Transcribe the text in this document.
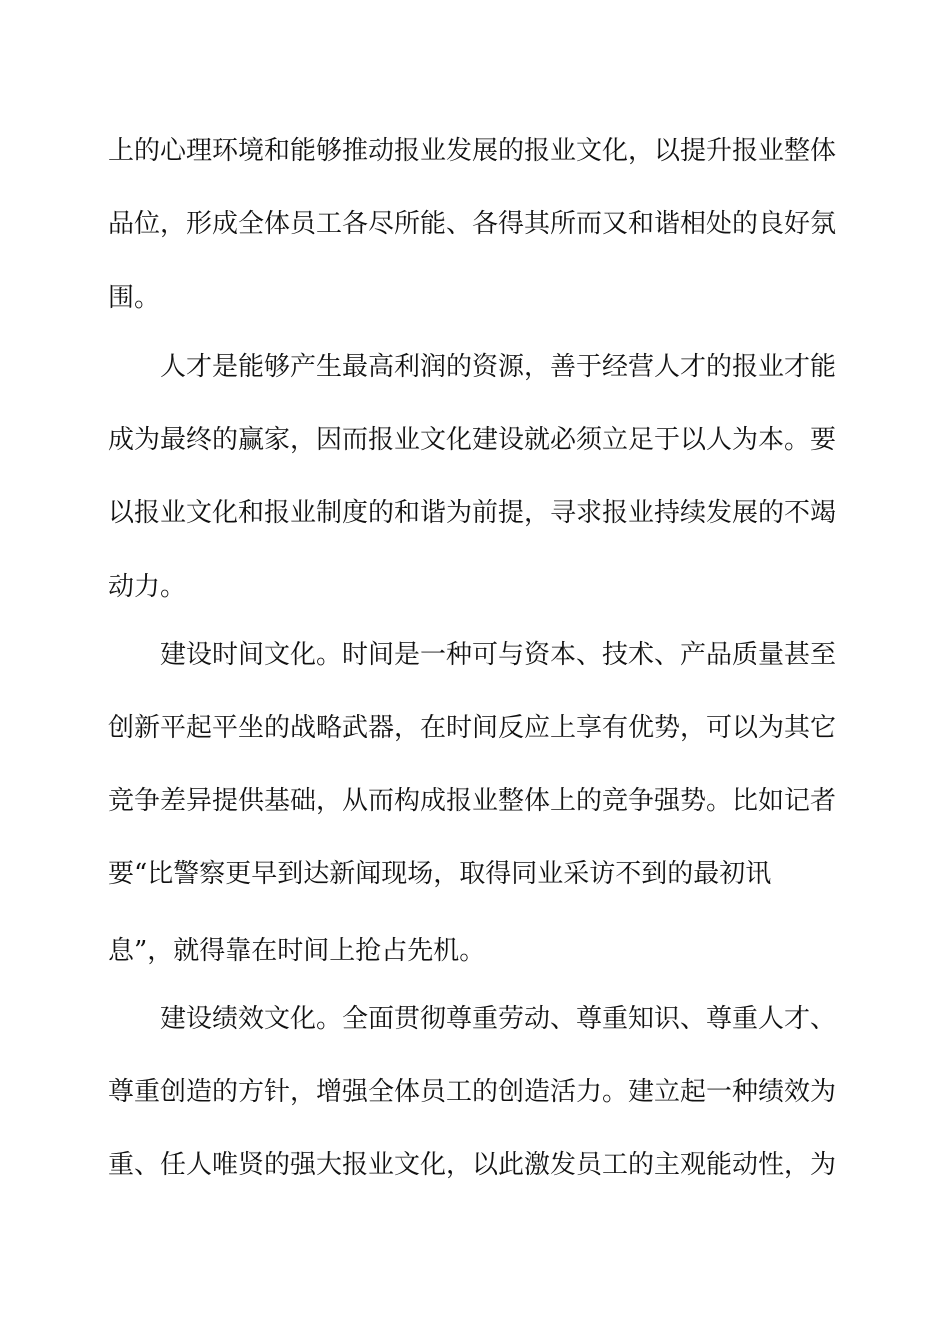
上的心理环境和能够推动报业发展的报业文化，以提升报业整体
品位，形成全体员工各尽所能、各得其所而又和谐相处的良好氛
围。
人才是能够产生最高利润的资源，善于经营人才的报业才能
成为最终的赢家，因而报业文化建设就必须立足于以人为本。要
以报业文化和报业制度的和谐为前提，寻求报业持续发展的不竭
动力。
建设时间文化。时间是一种可与资本、技术、产品质量甚至
创新平起平坐的战略武器，在时间反应上享有优势，可以为其它
竞争差异提供基础，从而构成报业整体上的竞争强势。比如记者
要“比警察更早到达新闻现场，取得同业采访不到的最初讯
息”，就得靠在时间上抢占先机。
建设绩效文化。全面贯彻尊重劳动、尊重知识、尊重人才、
尊重创造的方针，增强全体员工的创造活力。建立起一种绩效为
重、任人唯贤的强大报业文化，以此激发员工的主观能动性，为
